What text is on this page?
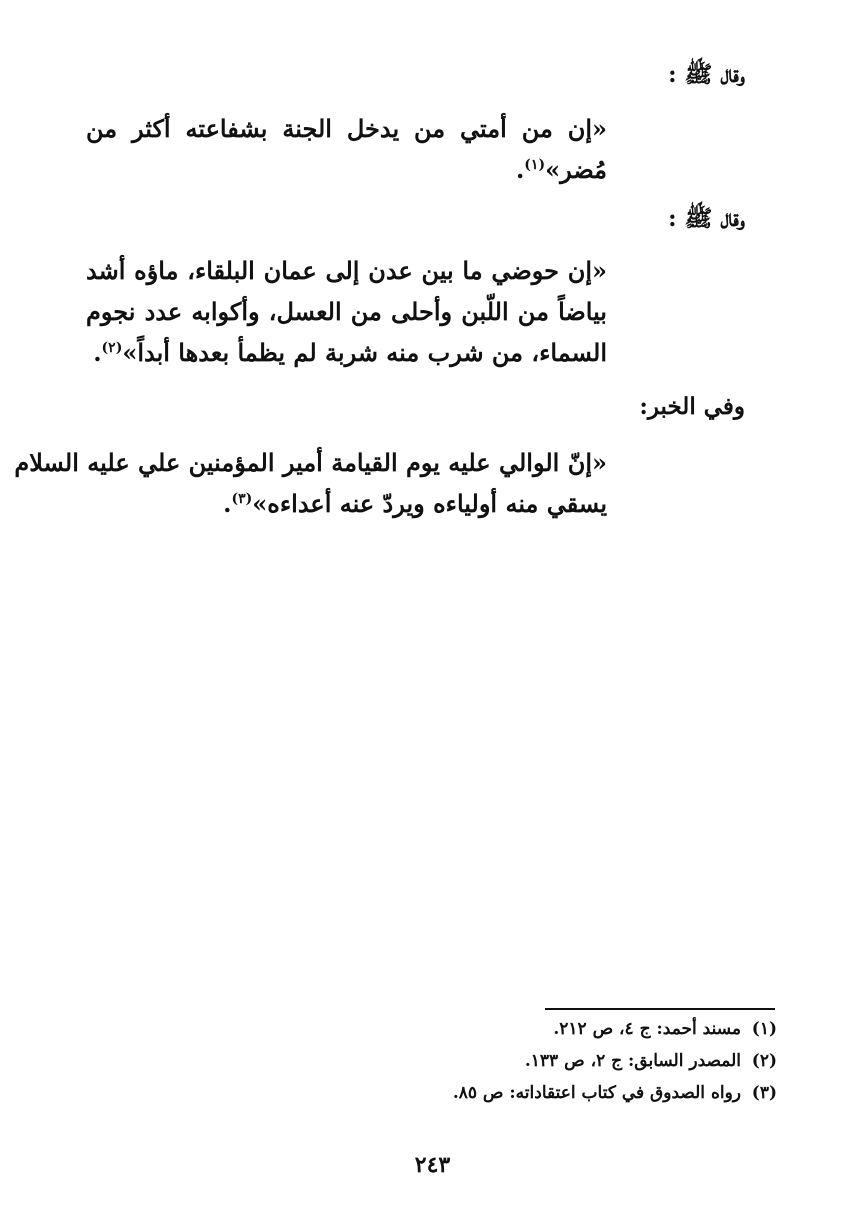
وقال ﷺ :
«إن من أمتي من يدخل الجنة بشفاعته أكثر من
مُضر»$^{(١)}$.
وقال ﷺ :
«إن حوضي ما بين عدن إلى عمان البلقاء، ماؤه أشد
بياضاً من اللّبن وأحلى من العسل، وأكوابه عدد نجوم
السماء، من شرب منه شربة لم يظمأ بعدها أبداً»$^{(٢)}$.
وفي الخبر:
«إنّ الوالي عليه يوم القيامة أمير المؤمنين علي عليه السلام
يسقي منه أولياءه ويردّ عنه أعداءه»$^{(٣)}$.
(١)مسند أحمد: ج ٤، ص ٢١٢.
(٢)المصدر السابق: ج ٢، ص ١٣٣.
(٣)رواه الصدوق في كتاب اعتقاداته: ص ٨٥.
٢٤٣
